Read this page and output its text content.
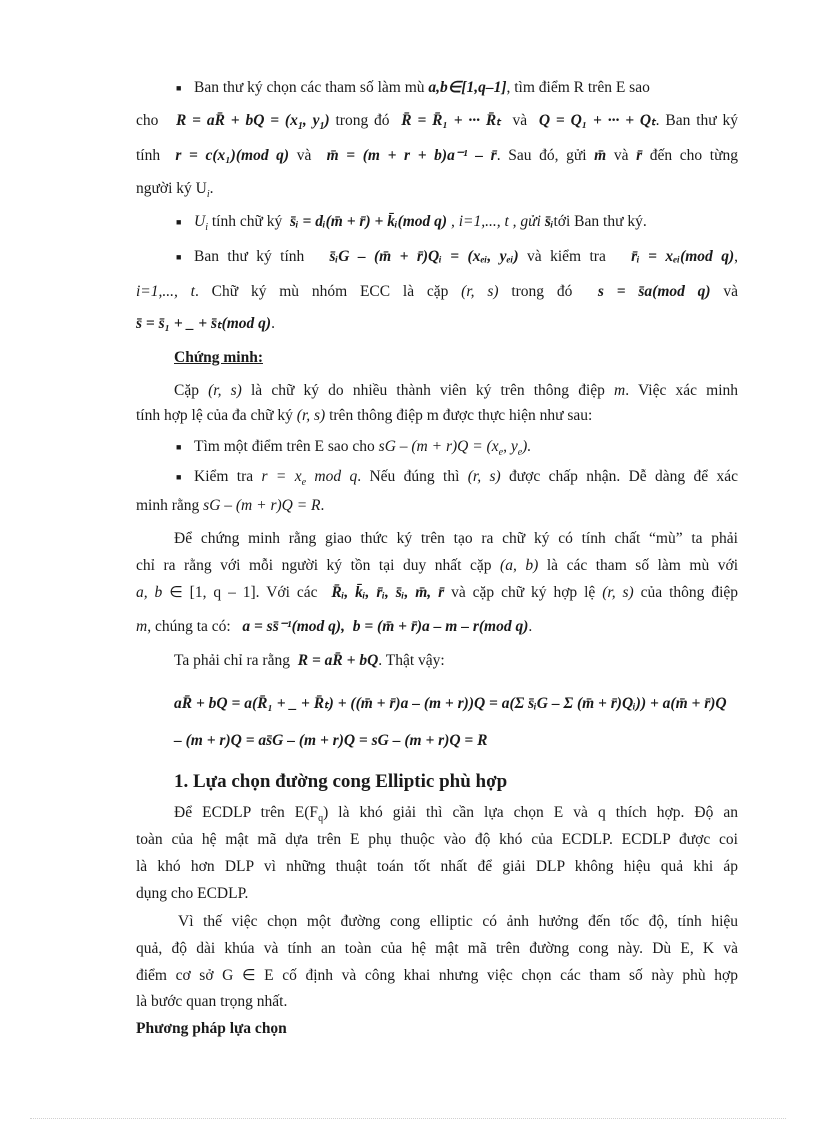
■ Ban thư ký chọn các tham số làm mù a,b∈[1,q–1], tìm điểm R trên E sao
cho R = aR̄ + bQ = ($x_1$, $y_1$) trong đó R̄ = R̄₁ + ··· R̄ₜ và Q = Q₁ + ··· + Qₜ. Ban thư ký
tính r = c(x₁)(mod q) và m̄ = (m + r + b)a⁻¹ – r̄. Sau đó, gửi m̄ và r̄ đến cho từng
người ký $U_i$.
■ $U_i$ tính chữ ký s̄ᵢ = dᵢ(m̄ + r̄) + k̄ᵢ(mod q) , i=1,..., t , gửi s̄ᵢtới Ban thư ký.
■ Ban thư ký tính s̄ᵢG – (m̄ + r̄)Qᵢ = (xₑᵢ, yₑᵢ) và kiểm tra r̄ᵢ = xₑᵢ(mod q),
i=1,..., t. Chữ ký mù nhóm ECC là cặp (r, s) trong đó s = s̄a(mod q) và
s̄ = s̄₁ + _ + s̄ₜ(mod q).
Chứng minh:
Cặp (r, s) là chữ ký do nhiều thành viên ký trên thông điệp m. Việc xác minh
tính hợp lệ của đa chữ ký (r, s) trên thông điệp m được thực hiện như sau:
■ Tìm một điểm trên E sao cho sG – $(m + r)Q = (x_e$, $y_e$).
■ Kiểm tra $r = x_e$ mod q. Nếu đúng thì (r, s) được chấp nhận. Dễ dàng để xác
minh rằng sG – (m + r)Q = R.
Để chứng minh rằng giao thức ký trên tạo ra chữ ký có tính chất “mù” ta phải
chỉ ra rằng với mỗi người ký tồn tại duy nhất cặp (a, b) là các tham số làm mù với
a, b ∈ [1, q – 1]. Với các R̄ᵢ, k̄ᵢ, r̄ᵢ, s̄ᵢ, m̄, r̄ và cặp chữ ký hợp lệ (r, s) của thông điệp
m, chúng ta có: a = ss̄⁻¹(mod q), b = (m̄ + r̄)a – m – r(mod q).
Ta phải chỉ ra rằng R = aR̄ + bQ. Thật vậy:
aR̄ + bQ = a(R̄₁ + _ + R̄ₜ) + ((m̄ + r̄)a – (m + r))Q = a(Σ s̄ᵢG – Σ (m̄ + r̄)Qᵢ)) + a(m̄ + r̄)Q
– (m + r)Q = as̄G – (m + r)Q = sG – (m + r)Q = R
1. Lựa chọn đường cong Elliptic phù hợp
Để ECDLP trên $E(F_q)$ là khó giải thì cần lựa chọn E và q thích hợp. Độ an
toàn của hệ mật mã dựa trên E phụ thuộc vào độ khó của ECDLP. ECDLP được coi
là khó hơn DLP vì những thuật toán tốt nhất để giải DLP không hiệu quả khi áp
dụng cho ECDLP.
Vì thế việc chọn một đường cong elliptic có ảnh hưởng đến tốc độ, tính hiệu
quả, độ dài khúa và tính an toàn của hệ mật mã trên đường cong này. Dù E, K và
điểm cơ sở G ∈ E cố định và công khai nhưng việc chọn các tham số này phù hợp
là bước quan trọng nhất.
Phương pháp lựa chọn
